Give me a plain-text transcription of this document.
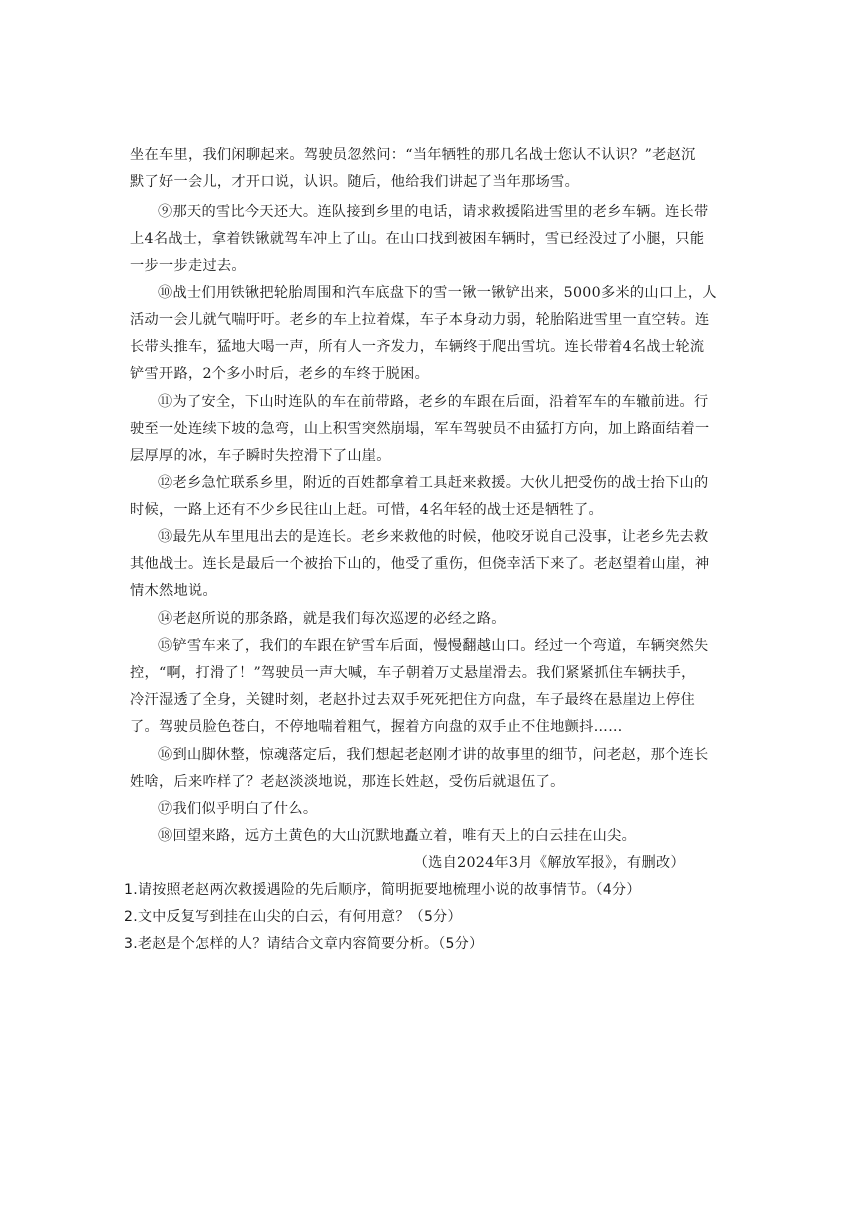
坐在车里，我们闲聊起来。驾驶员忽然问：“当年牺牲的那几名战士您认不认识？”老赵沉
默了好一会儿，才开口说，认识。随后，他给我们讲起了当年那场雪。
⑨那天的雪比今天还大。连队接到乡里的电话，请求救援陷进雪里的老乡车辆。连长带
上4名战士，拿着铁锹就驾车冲上了山。在山口找到被困车辆时，雪已经没过了小腿，只能
一步一步走过去。
⑩战士们用铁锹把轮胎周围和汽车底盘下的雪一锹一锹铲出来，5000多米的山口上，人
活动一会儿就气喘吁吁。老乡的车上拉着煤，车子本身动力弱，轮胎陷进雪里一直空转。连
长带头推车，猛地大喝一声，所有人一齐发力，车辆终于爬出雪坑。连长带着4名战士轮流
铲雪开路，2个多小时后，老乡的车终于脱困。
⑪为了安全，下山时连队的车在前带路，老乡的车跟在后面，沿着军车的车辙前进。行
驶至一处连续下坡的急弯，山上积雪突然崩塌，军车驾驶员不由猛打方向，加上路面结着一
层厚厚的冰，车子瞬时失控滑下了山崖。
⑫老乡急忙联系乡里，附近的百姓都拿着工具赶来救援。大伙儿把受伤的战士抬下山的
时候，一路上还有不少乡民往山上赶。可惜，4名年轻的战士还是牺牲了。
⑬最先从车里甩出去的是连长。老乡来救他的时候，他咬牙说自己没事，让老乡先去救
其他战士。连长是最后一个被抬下山的，他受了重伤，但侥幸活下来了。老赵望着山崖，神
情木然地说。
⑭老赵所说的那条路，就是我们每次巡逻的必经之路。
⑮铲雪车来了，我们的车跟在铲雪车后面，慢慢翻越山口。经过一个弯道，车辆突然失
控，“啊，打滑了！”驾驶员一声大喊，车子朝着万丈悬崖滑去。我们紧紧抓住车辆扶手，
冷汗湿透了全身，关键时刻，老赵扑过去双手死死把住方向盘，车子最终在悬崖边上停住
了。驾驶员脸色苍白，不停地喘着粗气，握着方向盘的双手止不住地颤抖……
⑯到山脚休整，惊魂落定后，我们想起老赵刚才讲的故事里的细节，问老赵，那个连长
姓啥，后来咋样了？老赵淡淡地说，那连长姓赵，受伤后就退伍了。
⑰我们似乎明白了什么。
⑱回望来路，远方土黄色的大山沉默地矗立着，唯有天上的白云挂在山尖。
（选自2024年3月《解放军报》，有删改）
1.请按照老赵两次救援遇险的先后顺序，简明扼要地梳理小说的故事情节。（4分）
2.文中反复写到挂在山尖的白云，有何用意？（5分）
3.老赵是个怎样的人？请结合文章内容简要分析。（5分）
